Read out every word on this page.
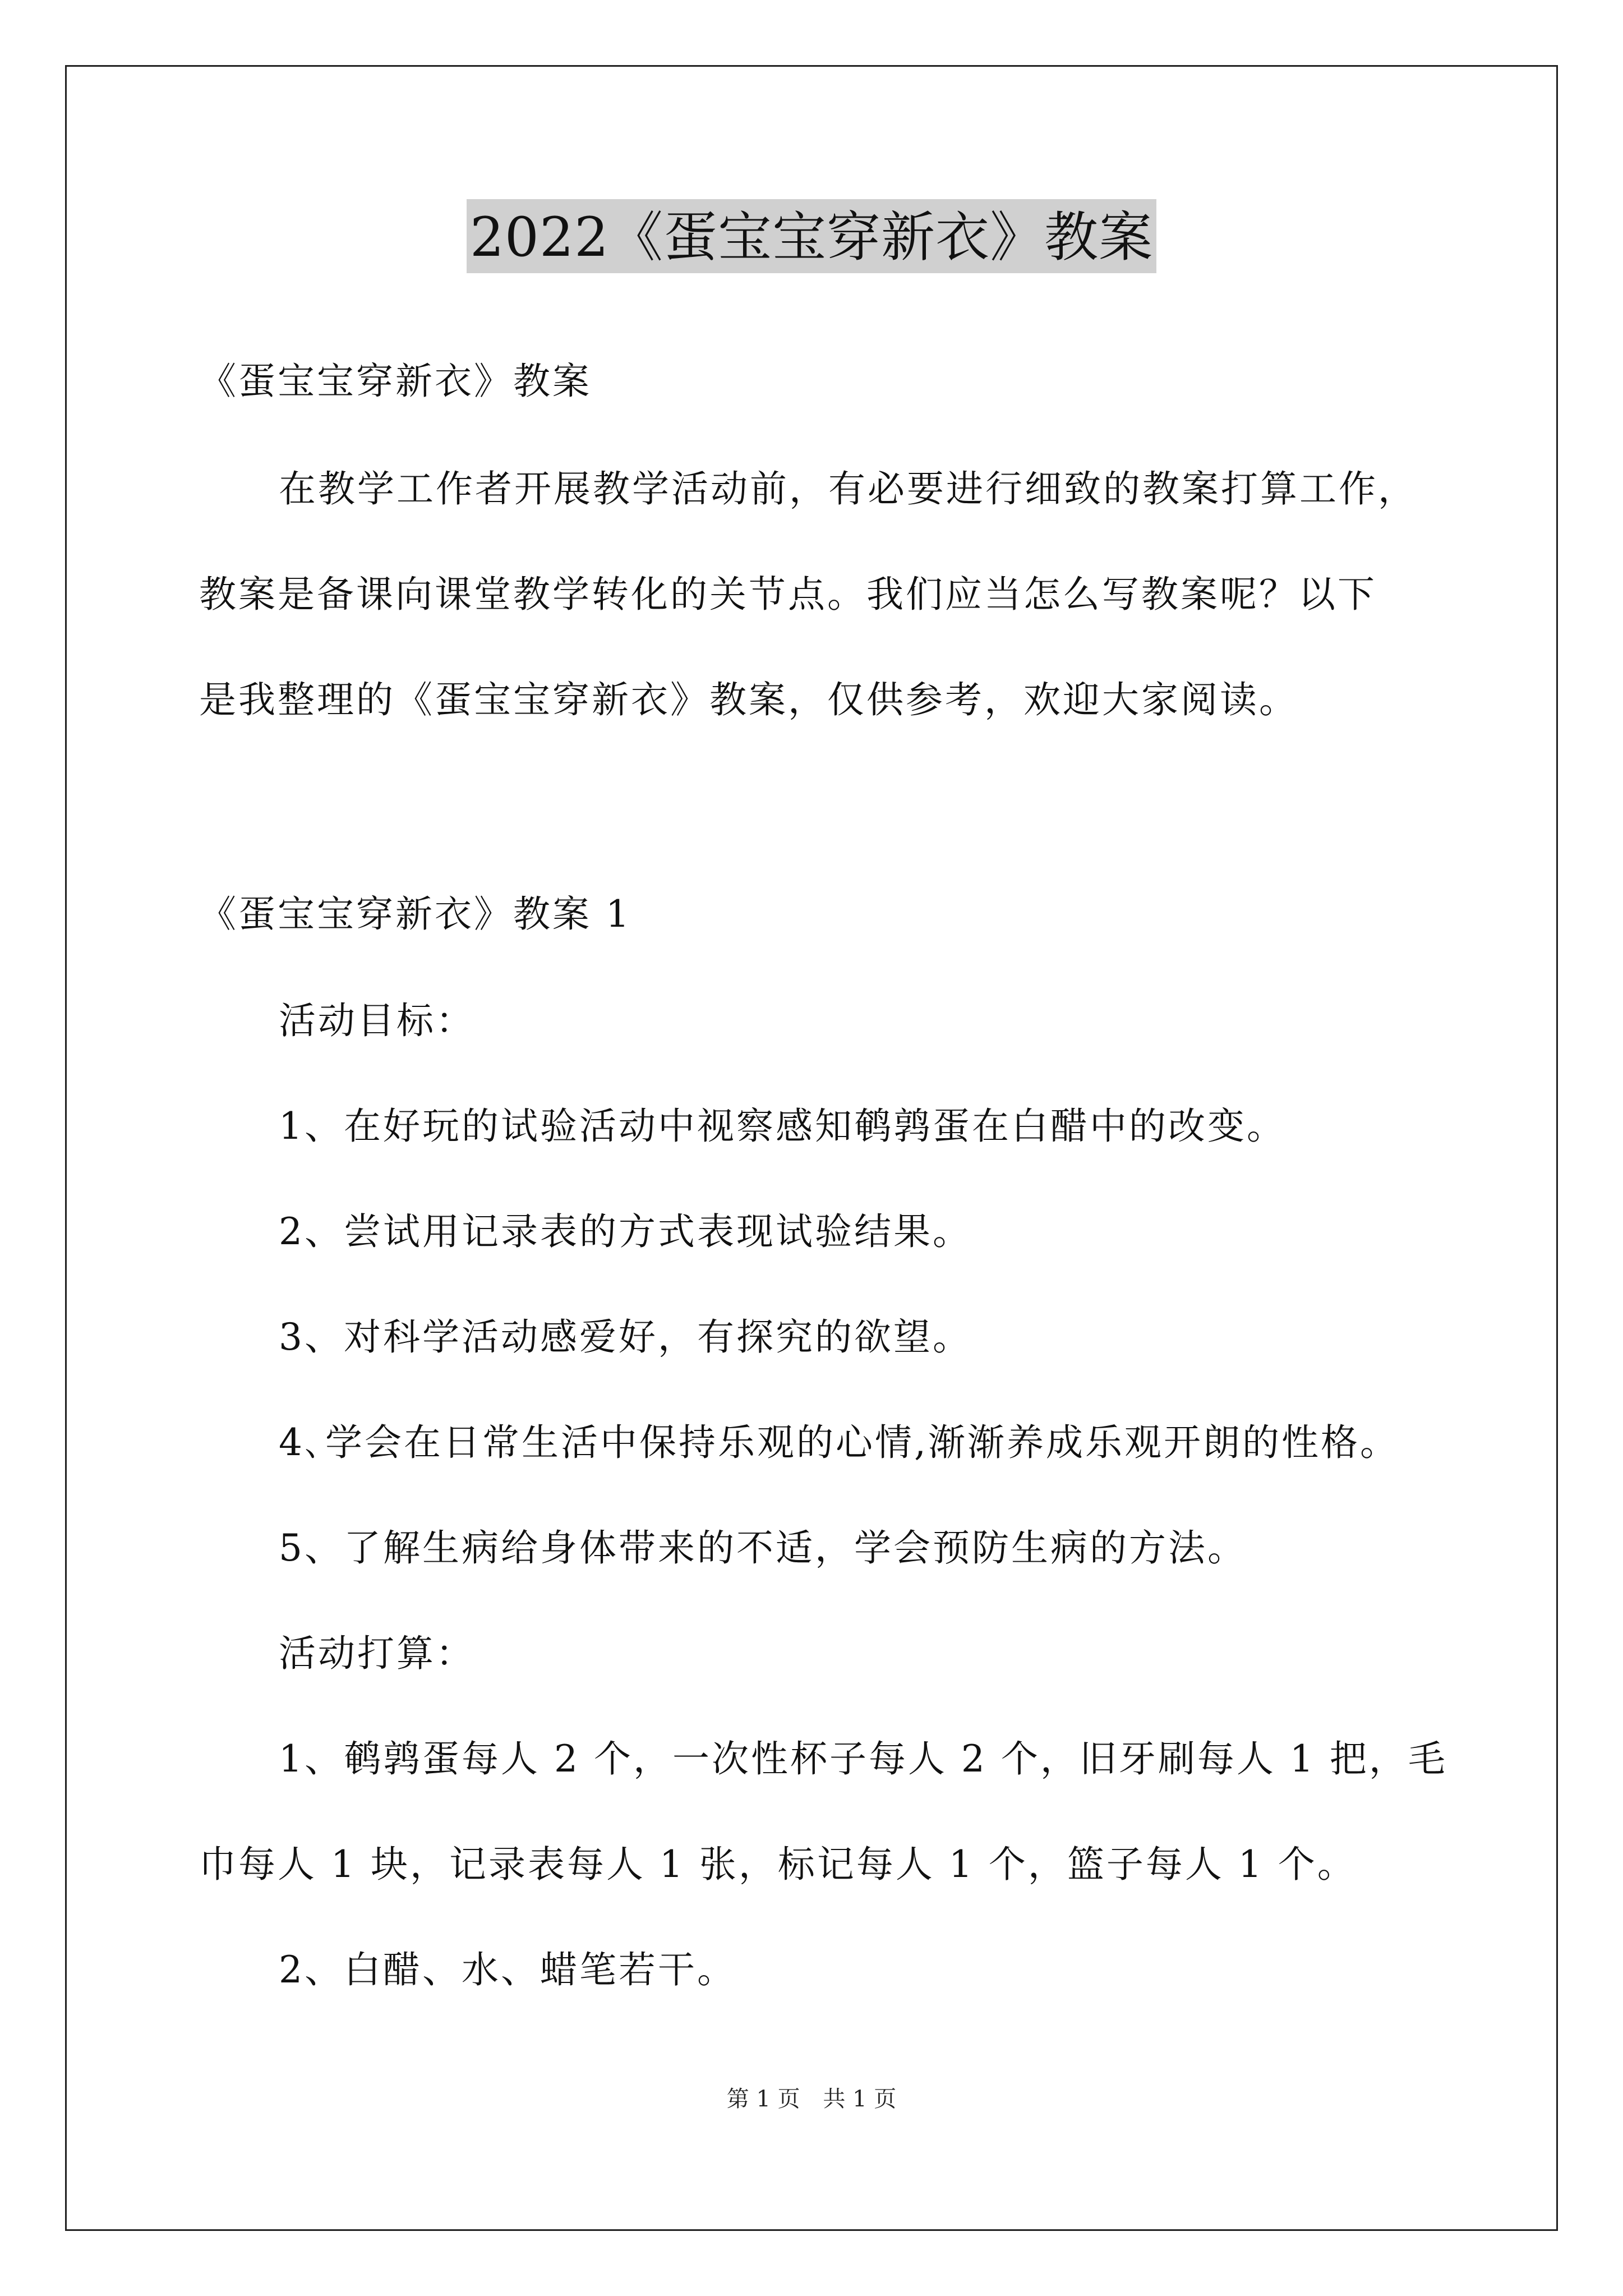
2022《蛋宝宝穿新衣》教案
《蛋宝宝穿新衣》教案
在教学工作者开展教学活动前，有必要进行细致的教案打算工作，
教案是备课向课堂教学转化的关节点。我们应当怎么写教案呢？以下
是我整理的《蛋宝宝穿新衣》教案，仅供参考，欢迎大家阅读。
《蛋宝宝穿新衣》教案 1
活动目标：
1、在好玩的试验活动中视察感知鹌鹑蛋在白醋中的改变。
2、尝试用记录表的方式表现试验结果。
3、对科学活动感爱好，有探究的欲望。
4､学会在日常生活中保持乐观的心情,渐渐养成乐观开朗的性格。
5、了解生病给身体带来的不适，学会预防生病的方法。
活动打算：
1、鹌鹑蛋每人 2 个，一次性杯子每人 2 个，旧牙刷每人 1 把，毛
巾每人 1 块，记录表每人 1 张，标记每人 1 个，篮子每人 1 个。
2、白醋、水、蜡笔若干。
第 1 页 共 1 页
